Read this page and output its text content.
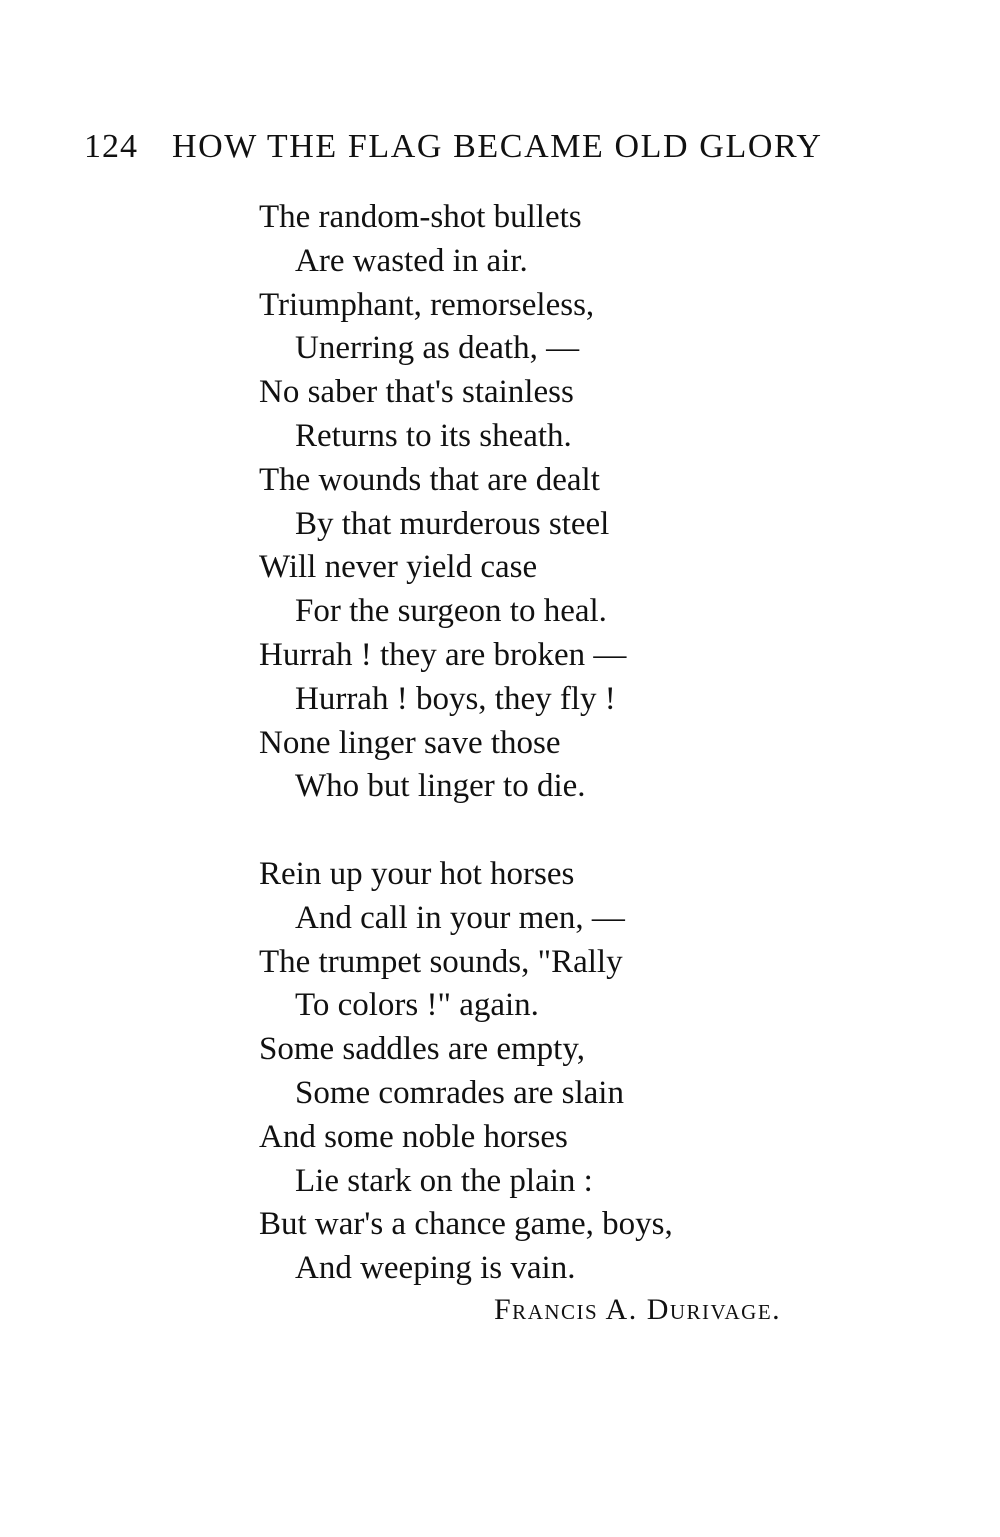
124 HOW THE FLAG BECAME OLD GLORY
The random-shot bullets
Are wasted in air.
Triumphant, remorseless,
Unerring as death, —
No saber that's stainless
Returns to its sheath.
The wounds that are dealt
By that murderous steel
Will never yield case
For the surgeon to heal.
Hurrah ! they are broken —
Hurrah ! boys, they fly !
None linger save those
Who but linger to die.
Rein up your hot horses
And call in your men, —
The trumpet sounds, "Rally
To colors !" again.
Some saddles are empty,
Some comrades are slain
And some noble horses
Lie stark on the plain :
But war's a chance game, boys,
And weeping is vain.
Francis A. Durivage.
